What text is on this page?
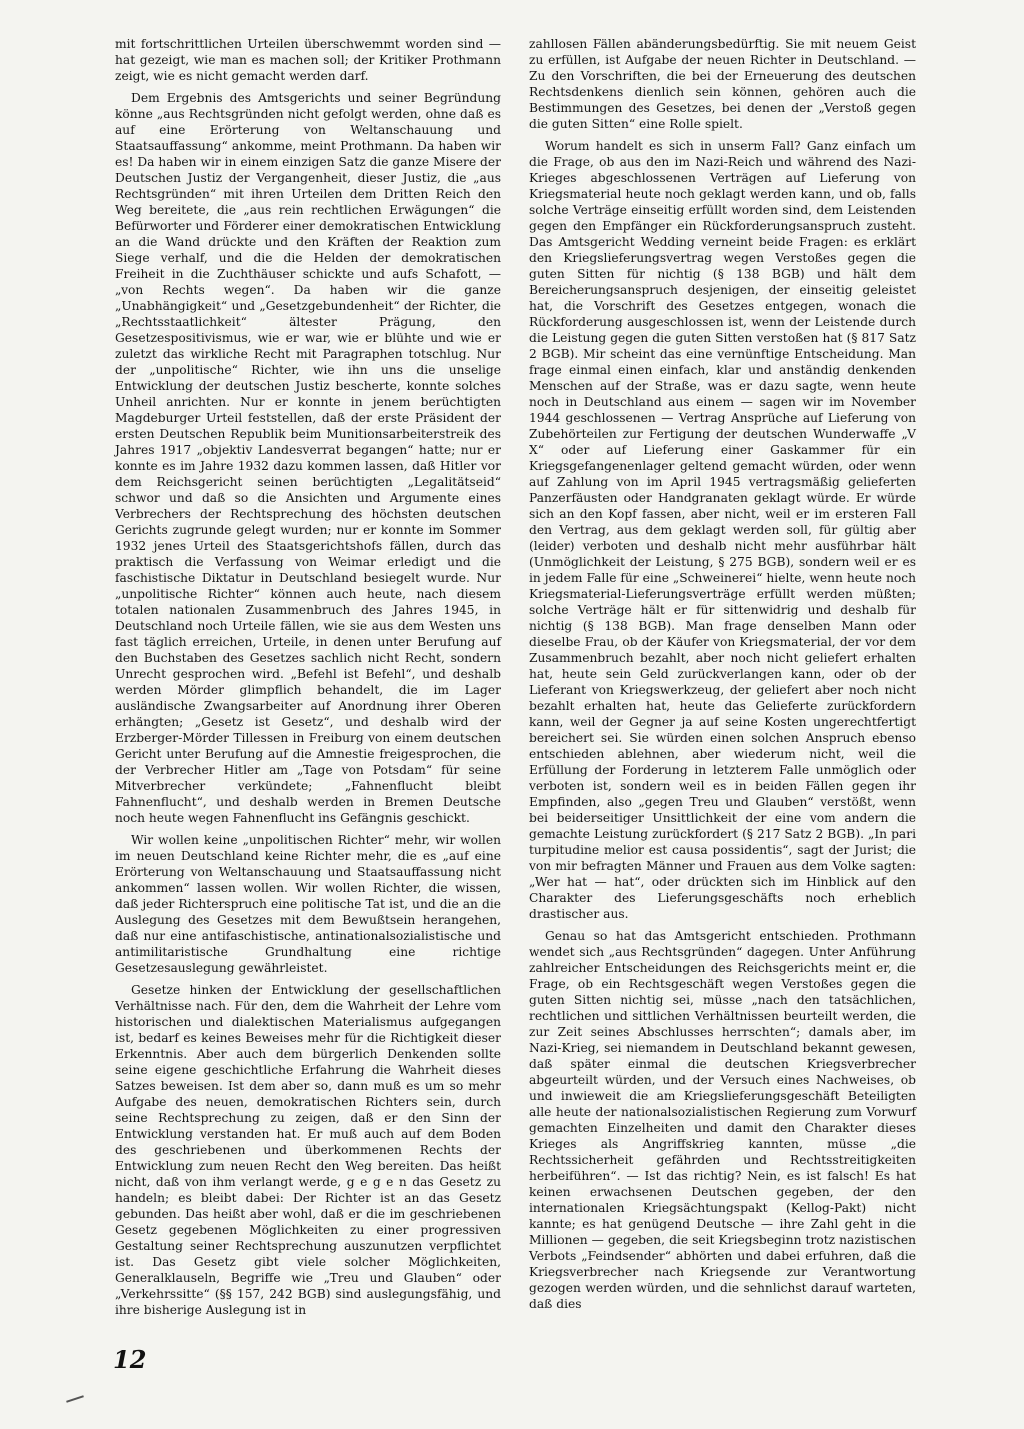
mit fortschrittlichen Urteilen überschwemmt worden sind — hat gezeigt, wie man es machen soll; der Kritiker Prothmann zeigt, wie es nicht gemacht werden darf.

Dem Ergebnis des Amtsgerichts und seiner Begründung könne „aus Rechtsgründen nicht gefolgt werden, ohne daß es auf eine Erörterung von Weltanschauung und Staatsauffassung“ ankomme, meint Prothmann. Da haben wir es! Da haben wir in einem einzigen Satz die ganze Misere der Deutschen Justiz der Vergangenheit, dieser Justiz, die „aus Rechtsgründen“ mit ihren Urteilen dem Dritten Reich den Weg bereitete, die „aus rein rechtlichen Erwägungen“ die Befürworter und Förderer einer demokratischen Entwicklung an die Wand drückte und den Kräften der Reaktion zum Siege verhalf, und die die Helden der demokratischen Freiheit in die Zuchthäuser schickte und aufs Schafott, — „von Rechts wegen“. Da haben wir die ganze „Unabhängigkeit“ und „Gesetzgebundenheit“ der Richter, die „Rechtsstaatlichkeit“ ältester Prägung, den Gesetzespositivismus, wie er war, wie er blühte und wie er zuletzt das wirkliche Recht mit Paragraphen totschlug. Nur der „unpolitische“ Richter, wie ihn uns die unselige Entwicklung der deutschen Justiz bescherte, konnte solches Unheil anrichten. Nur er konnte in jenem berüchtigten Magdeburger Urteil feststellen, daß der erste Präsident der ersten Deutschen Republik beim Munitionsarbeiterstreik des Jahres 1917 „objektiv Landesverrat begangen“ hatte; nur er konnte es im Jahre 1932 dazu kommen lassen, daß Hitler vor dem Reichsgericht seinen berüchtigten „Legalitätseid“ schwor und daß so die Ansichten und Argumente eines Verbrechers der Rechtsprechung des höchsten deutschen Gerichts zugrunde gelegt wurden; nur er konnte im Sommer 1932 jenes Urteil des Staatsgerichtshofs fällen, durch das praktisch die Verfassung von Weimar erledigt und die faschistische Diktatur in Deutschland besiegelt wurde. Nur „unpolitische Richter“ können auch heute, nach diesem totalen nationalen Zusammenbruch des Jahres 1945, in Deutschland noch Urteile fällen, wie sie aus dem Westen uns fast täglich erreichen, Urteile, in denen unter Berufung auf den Buchstaben des Gesetzes sachlich nicht Recht, sondern Unrecht gesprochen wird. „Befehl ist Befehl“, und deshalb werden Mörder glimpflich behandelt, die im Lager ausländische Zwangsarbeiter auf Anordnung ihrer Oberen erhängten; „Gesetz ist Gesetz“, und deshalb wird der Erzberger-Mörder Tillessen in Freiburg von einem deutschen Gericht unter Berufung auf die Amnestie freigesprochen, die der Verbrecher Hitler am „Tage von Potsdam“ für seine Mitverbrecher verkündete; „Fahnenflucht bleibt Fahnenflucht“, und deshalb werden in Bremen Deutsche noch heute wegen Fahnenflucht ins Gefängnis geschickt.

Wir wollen keine „unpolitischen Richter“ mehr, wir wollen im neuen Deutschland keine Richter mehr, die es „auf eine Erörterung von Weltanschauung und Staatsauffassung nicht ankommen“ lassen wollen. Wir wollen Richter, die wissen, daß jeder Richterspruch eine politische Tat ist, und die an die Auslegung des Gesetzes mit dem Bewußtsein herangehen, daß nur eine antifaschistische, antinationalsozialistische und antimilitaristische Grundhaltung eine richtige Gesetzesauslegung gewährleistet.

Gesetze hinken der Entwicklung der gesellschaftlichen Verhältnisse nach. Für den, dem die Wahrheit der Lehre vom historischen und dialektischen Materialismus aufgegangen ist, bedarf es keines Beweises mehr für die Richtigkeit dieser Erkenntnis. Aber auch dem bürgerlich Denkenden sollte seine eigene geschichtliche Erfahrung die Wahrheit dieses Satzes beweisen. Ist dem aber so, dann muß es um so mehr Aufgabe des neuen, demokratischen Richters sein, durch seine Rechtsprechung zu zeigen, daß er den Sinn der Entwicklung verstanden hat. Er muß auch auf dem Boden des geschriebenen und überkommenen Rechts der Entwicklung zum neuen Recht den Weg bereiten. Das heißt nicht, daß von ihm verlangt werde, g e g e n das Gesetz zu handeln; es bleibt dabei: Der Richter ist an das Gesetz gebunden. Das heißt aber wohl, daß er die im geschriebenen Gesetz gegebenen Möglichkeiten zu einer progressiven Gestaltung seiner Rechtsprechung auszunutzen verpflichtet ist. Das Gesetz gibt viele solcher Möglichkeiten, Generalklauseln, Begriffe wie „Treu und Glauben“ oder „Verkehrssitte“ (§§ 157, 242 BGB) sind auslegungsfähig, und ihre bisherige Auslegung ist in

zahllosen Fällen abänderungsbedürftig. Sie mit neuem Geist zu erfüllen, ist Aufgabe der neuen Richter in Deutschland. — Zu den Vorschriften, die bei der Erneuerung des deutschen Rechtsdenkens dienlich sein können, gehören auch die Bestimmungen des Gesetzes, bei denen der „Verstoß gegen die guten Sitten“ eine Rolle spielt.

Worum handelt es sich in unserm Fall? Ganz einfach um die Frage, ob aus den im Nazi-Reich und während des Nazi-Krieges abgeschlossenen Verträgen auf Lieferung von Kriegsmaterial heute noch geklagt werden kann, und ob, falls solche Verträge einseitig erfüllt worden sind, dem Leistenden gegen den Empfänger ein Rückforderungsanspruch zusteht. Das Amtsgericht Wedding verneint beide Fragen: es erklärt den Kriegslieferungsvertrag wegen Verstoßes gegen die guten Sitten für nichtig (§ 138 BGB) und hält dem Bereicherungsanspruch desjenigen, der einseitig geleistet hat, die Vorschrift des Gesetzes entgegen, wonach die Rückforderung ausgeschlossen ist, wenn der Leistende durch die Leistung gegen die guten Sitten verstoßen hat (§ 817 Satz 2 BGB). Mir scheint das eine vernünftige Entscheidung. Man frage einmal einen einfach, klar und anständig denkenden Menschen auf der Straße, was er dazu sagte, wenn heute noch in Deutschland aus einem — sagen wir im November 1944 geschlossenen — Vertrag Ansprüche auf Lieferung von Zubehörteilen zur Fertigung der deutschen Wunderwaffe „V X“ oder auf Lieferung einer Gaskammer für ein Kriegsgefangenenlager geltend gemacht würden, oder wenn auf Zahlung von im April 1945 vertragsmäßig gelieferten Panzerfäusten oder Handgranaten geklagt würde. Er würde sich an den Kopf fassen, aber nicht, weil er im ersteren Fall den Vertrag, aus dem geklagt werden soll, für gültig aber (leider) verboten und deshalb nicht mehr ausführbar hält (Unmöglichkeit der Leistung, § 275 BGB), sondern weil er es in jedem Falle für eine „Schweinerei“ hielte, wenn heute noch Kriegsmaterial-Lieferungsverträge erfüllt werden müßten; solche Verträge hält er für sittenwidrig und deshalb für nichtig (§ 138 BGB). Man frage denselben Mann oder dieselbe Frau, ob der Käufer von Kriegsmaterial, der vor dem Zusammenbruch bezahlt, aber noch nicht geliefert erhalten hat, heute sein Geld zurückverlangen kann, oder ob der Lieferant von Kriegswerkzeug, der geliefert aber noch nicht bezahlt erhalten hat, heute das Gelieferte zurückfordern kann, weil der Gegner ja auf seine Kosten ungerechtfertigt bereichert sei. Sie würden einen solchen Anspruch ebenso entschieden ablehnen, aber wiederum nicht, weil die Erfüllung der Forderung in letzterem Falle unmöglich oder verboten ist, sondern weil es in beiden Fällen gegen ihr Empfinden, also „gegen Treu und Glauben“ verstößt, wenn bei beiderseitiger Unsittlichkeit der eine vom andern die gemachte Leistung zurückfordert (§ 217 Satz 2 BGB). „In pari turpitudine melior est causa possidentis“, sagt der Jurist; die von mir befragten Männer und Frauen aus dem Volke sagten: „Wer hat — hat“, oder drückten sich im Hinblick auf den Charakter des Lieferungsgeschäfts noch erheblich drastischer aus.

Genau so hat das Amtsgericht entschieden. Prothmann wendet sich „aus Rechtsgründen“ dagegen. Unter Anführung zahlreicher Entscheidungen des Reichsgerichts meint er, die Frage, ob ein Rechtsgeschäft wegen Verstoßes gegen die guten Sitten nichtig sei, müsse „nach den tatsächlichen, rechtlichen und sittlichen Verhältnissen beurteilt werden, die zur Zeit seines Abschlusses herrschten“; damals aber, im Nazi-Krieg, sei niemandem in Deutschland bekannt gewesen, daß später einmal die deutschen Kriegsverbrecher abgeurteilt würden, und der Versuch eines Nachweises, ob und inwieweit die am Kriegslieferungsgeschäft Beteiligten alle heute der nationalsozialistischen Regierung zum Vorwurf gemachten Einzelheiten und damit den Charakter dieses Krieges als Angriffskrieg kannten, müsse „die Rechtssicherheit gefährden und Rechtsstreitigkeiten herbeiführen“. — Ist das richtig? Nein, es ist falsch! Es hat keinen erwachsenen Deutschen gegeben, der den internationalen Kriegsächtungspakt (Kellog-Pakt) nicht kannte; es hat genügend Deutsche — ihre Zahl geht in die Millionen — gegeben, die seit Kriegsbeginn trotz nazistischen Verbots „Feindsender“ abhörten und dabei erfuhren, daß die Kriegsverbrecher nach Kriegsende zur Verantwortung gezogen werden würden, und die sehnlichst darauf warteten, daß dies

12
